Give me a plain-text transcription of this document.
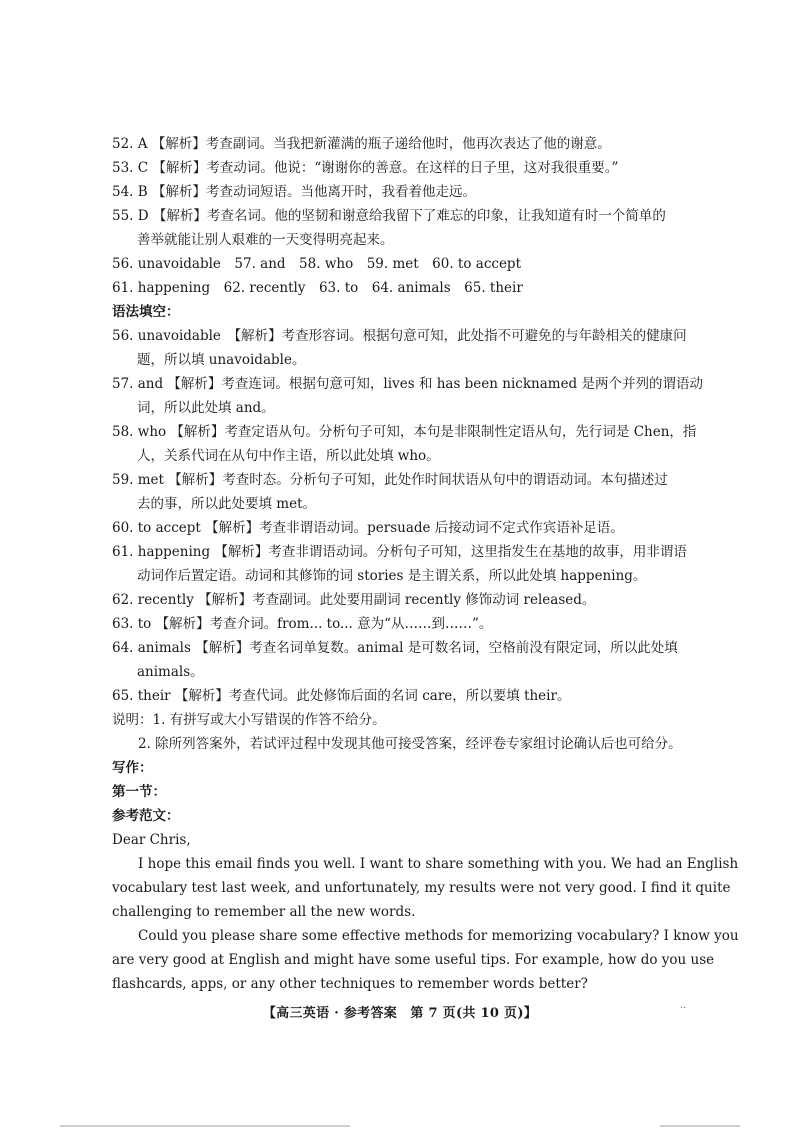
52. A 【解析】考查副词。当我把新灌满的瓶子递给他时，他再次表达了他的谢意。
53. C 【解析】考查动词。他说：“谢谢你的善意。在这样的日子里，这对我很重要。”
54. B 【解析】考查动词短语。当他离开时，我看着他走远。
55. D 【解析】考查名词。他的坚韧和谢意给我留下了难忘的印象，让我知道有时一个简单的
善举就能让别人艰难的一天变得明亮起来。
56. unavoidable　57. and　58. who　59. met　60. to accept
61. happening　62. recently　63. to　64. animals　65. their
语法填空：
56. unavoidable　【解析】考查形容词。根据句意可知，此处指不可避免的与年龄相关的健康问
题，所以填 unavoidable。
57. and 【解析】考查连词。根据句意可知，lives 和 has been nicknamed 是两个并列的谓语动
词，所以此处填 and。
58. who 【解析】考查定语从句。分析句子可知，本句是非限制性定语从句，先行词是 Chen，指
人，关系代词在从句中作主语，所以此处填 who。
59. met 【解析】考查时态。分析句子可知，此处作时间状语从句中的谓语动词。本句描述过
去的事，所以此处要填 met。
60. to accept 【解析】考查非谓语动词。persuade 后接动词不定式作宾语补足语。
61. happening 【解析】考查非谓语动词。分析句子可知，这里指发生在基地的故事，用非谓语
动词作后置定语。动词和其修饰的词 stories 是主谓关系，所以此处填 happening。
62. recently 【解析】考查副词。此处要用副词 recently 修饰动词 released。
63. to 【解析】考查介词。from... to... 意为“从……到……”。
64. animals 【解析】考查名词单复数。animal 是可数名词，空格前没有限定词，所以此处填
animals。
65. their 【解析】考查代词。此处修饰后面的名词 care，所以要填 their。
说明：1. 有拼写或大小写错误的作答不给分。
2. 除所列答案外，若试评过程中发现其他可接受答案，经评卷专家组讨论确认后也可给分。
写作：
第一节：
参考范文：
Dear Chris,
I hope this email finds you well. I want to share something with you. We had an English
vocabulary test last week, and unfortunately, my results were not very good. I find it quite
challenging to remember all the new words.
Could you please share some effective methods for memorizing vocabulary? I know you
are very good at English and might have some useful tips. For example, how do you use
flashcards, apps, or any other techniques to remember words better?
【高三英语 · 参考答案　第 7 页(共 10 页)】
..
